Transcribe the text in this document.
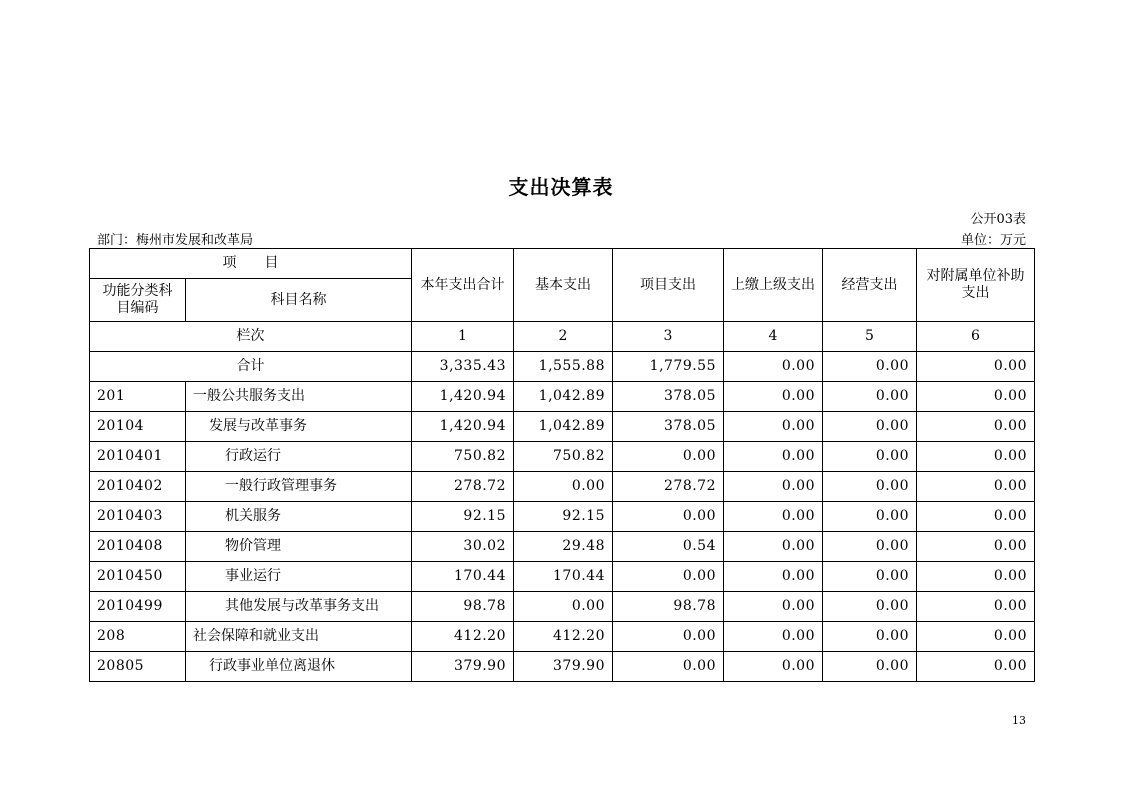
支出决算表
公开03表
部门：梅州市发展和改革局	单位：万元
项　　目		本年支出合计	基本支出	项目支出	上缴上级支出	经营支出	对附属单位补助支出
功能分类科目编码	科目名称						
栏次		1	2	3	4	5	6
合计		3,335.43	1,555.88	1,779.55	0.00	0.00	0.00
201	一般公共服务支出	1,420.94	1,042.89	378.05	0.00	0.00	0.00
20104	发展与改革事务	1,420.94	1,042.89	378.05	0.00	0.00	0.00
2010401	行政运行	750.82	750.82	0.00	0.00	0.00	0.00
2010402	一般行政管理事务	278.72	0.00	278.72	0.00	0.00	0.00
2010403	机关服务	92.15	92.15	0.00	0.00	0.00	0.00
2010408	物价管理	30.02	29.48	0.54	0.00	0.00	0.00
2010450	事业运行	170.44	170.44	0.00	0.00	0.00	0.00
2010499	其他发展与改革事务支出	98.78	0.00	98.78	0.00	0.00	0.00
208	社会保障和就业支出	412.20	412.20	0.00	0.00	0.00	0.00
20805	行政事业单位离退休	379.90	379.90	0.00	0.00	0.00	0.00
13
